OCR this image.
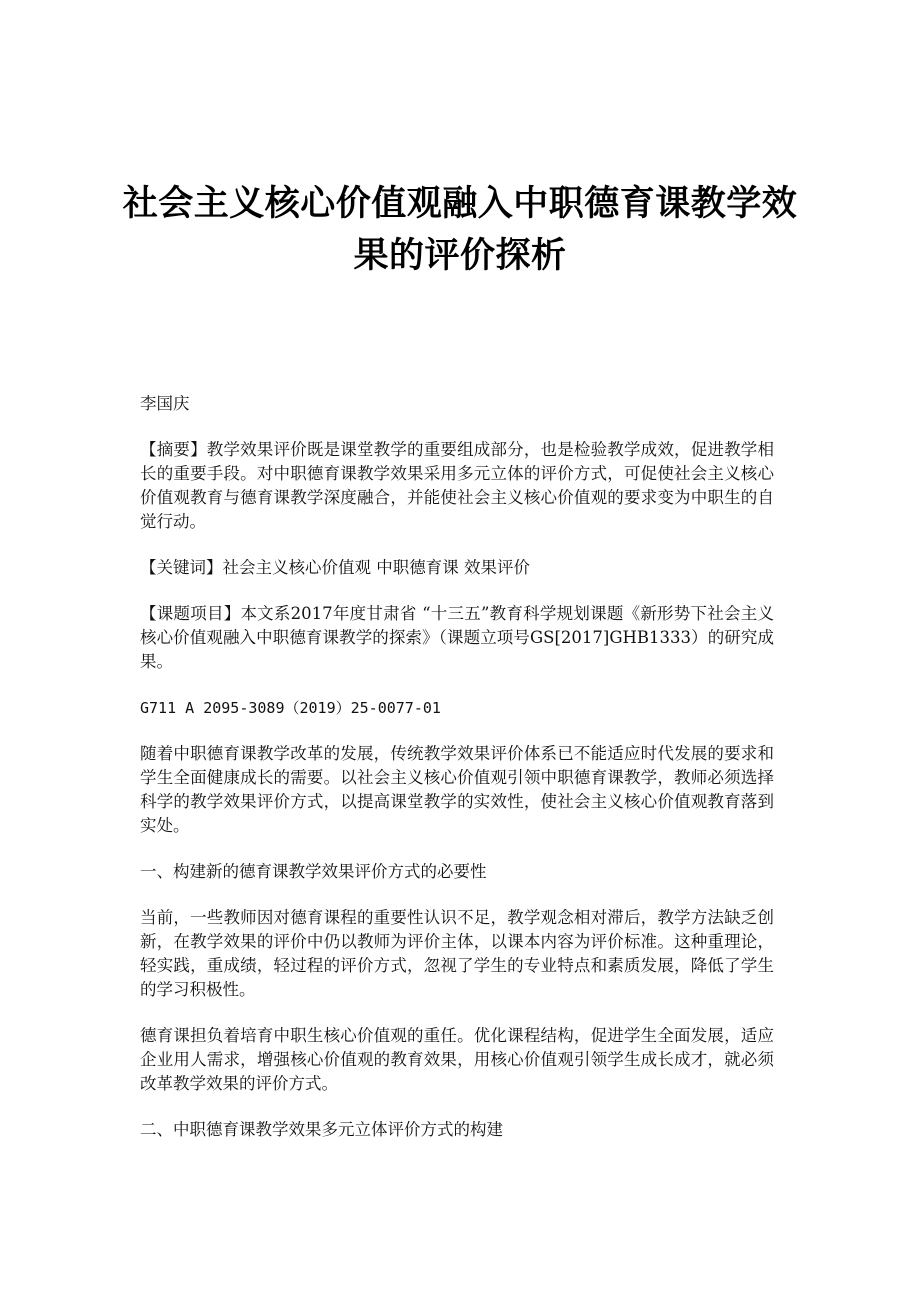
社会主义核心价值观融入中职德育课教学效果的评价探析

李国庆

【摘要】教学效果评价既是课堂教学的重要组成部分，也是检验教学成效，促进教学相长的重要手段。对中职德育课教学效果采用多元立体的评价方式，可促使社会主义核心价值观教育与德育课教学深度融合，并能使社会主义核心价值观的要求变为中职生的自觉行动。

【关键词】社会主义核心价值观 中职德育课 效果评价

【课题项目】本文系2017年度甘肃省 “十三五”教育科学规划课题《新形势下社会主义核心价值观融入中职德育课教学的探索》（课题立项号GS[2017]GHB1333）的研究成果。

G711 A 2095-3089（2019）25-0077-01

随着中职德育课教学改革的发展，传统教学效果评价体系已不能适应时代发展的要求和学生全面健康成长的需要。以社会主义核心价值观引领中职德育课教学，教师必须选择科学的教学效果评价方式，以提高课堂教学的实效性，使社会主义核心价值观教育落到实处。

一、构建新的德育课教学效果评价方式的必要性

当前，一些教师因对德育课程的重要性认识不足，教学观念相对滞后，教学方法缺乏创新，在教学效果的评价中仍以教师为评价主体，以课本内容为评价标准。这种重理论，轻实践，重成绩，轻过程的评价方式，忽视了学生的专业特点和素质发展，降低了学生的学习积极性。

德育课担负着培育中职生核心价值观的重任。优化课程结构，促进学生全面发展，适应企业用人需求，增强核心价值观的教育效果，用核心价值观引领学生成长成才，就必须改革教学效果的评价方式。

二、中职德育课教学效果多元立体评价方式的构建
